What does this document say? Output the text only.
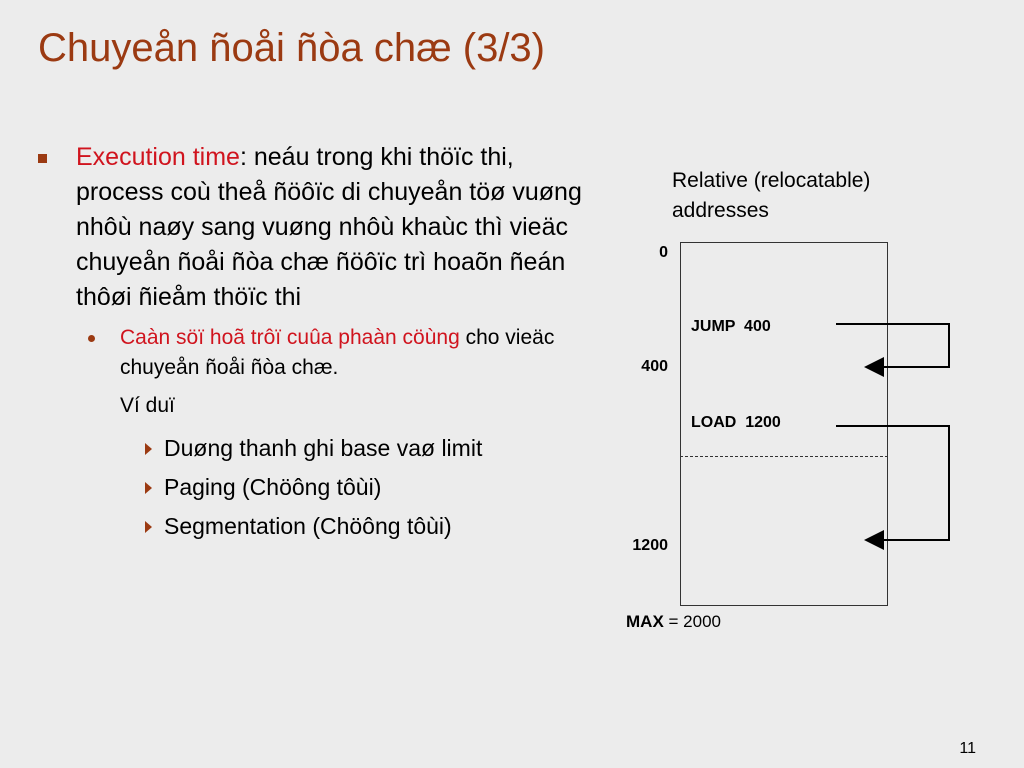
Chuyeån ñoåi ñòa chæ (3/3)
Execution time: neáu trong khi thöïc thi, process coù theå ñöôïc di chuyeån töø vuøng nhôù naøy sang vuøng nhôù khaùc thì vieäc chuyeån ñoåi ñòa chæ ñöôïc trì hoaõn ñeán thôøi ñieåm thöïc thi
Caàn söï hoã trôï cuûa phaàn cöùng cho vieäc chuyeån ñoåi ñòa chæ.
Ví duï
Duøng thanh ghi base vaø limit
Paging (Chöông tôùi)
Segmentation (Chöông tôùi)
Relative (relocatable) addresses
0
400
1200
JUMP  400
LOAD  1200
MAX = 2000
11
